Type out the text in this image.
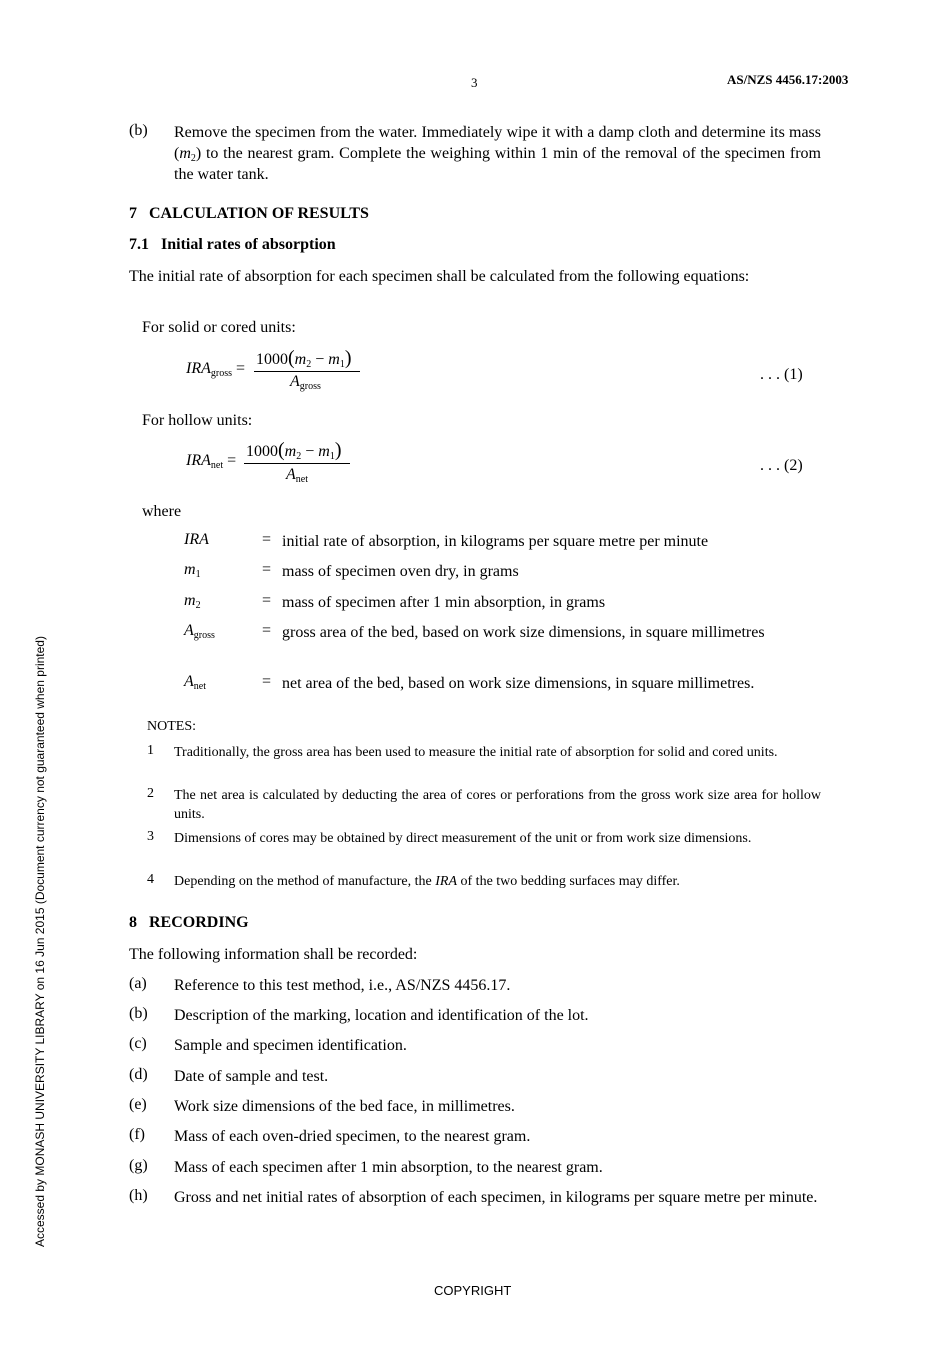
3	AS/NZS 4456.17:2003
(b) Remove the specimen from the water. Immediately wipe it with a damp cloth and determine its mass $(m_2)$ to the nearest gram. Complete the weighing within 1 min of the removal of the specimen from the water tank.
7   CALCULATION OF RESULTS
7.1   Initial rates of absorption
The initial rate of absorption for each specimen shall be calculated from the following equations:
For solid or cored units:
$IRA_{gross}$ =
$1000(m_2 - m_1)$
$A_{gross}$
. . . (1)
For hollow units:
$IRA_{net}$ =
$1000(m_2 - m_1)$
$A_{net}$
. . . (2)
where
IRA	= initial rate of absorption, in kilograms per square metre per minute
$m_1$	= mass of specimen oven dry, in grams
$m_2$	= mass of specimen after 1 min absorption, in grams
$A_{gross}$	= gross area of the bed, based on work size dimensions, in square millimetres
$A_{net}$	= net area of the bed, based on work size dimensions, in square millimetres.
NOTES:
1 Traditionally, the gross area has been used to measure the initial rate of absorption for solid and cored units.
2 The net area is calculated by deducting the area of cores or perforations from the gross work size area for hollow units.
3 Dimensions of cores may be obtained by direct measurement of the unit or from work size dimensions.
4 Depending on the method of manufacture, the IRA of the two bedding surfaces may differ.
8   RECORDING
The following information shall be recorded:
(a) Reference to this test method, i.e., AS/NZS 4456.17.
(b) Description of the marking, location and identification of the lot.
(c) Sample and specimen identification.
(d) Date of sample and test.
(e) Work size dimensions of the bed face, in millimetres.
(f) Mass of each oven-dried specimen, to the nearest gram.
(g) Mass of each specimen after 1 min absorption, to the nearest gram.
(h) Gross and net initial rates of absorption of each specimen, in kilograms per square metre per minute.
Accessed by MONASH UNIVERSITY LIBRARY on 16 Jun 2015 (Document currency not guaranteed when printed)
COPYRIGHT
